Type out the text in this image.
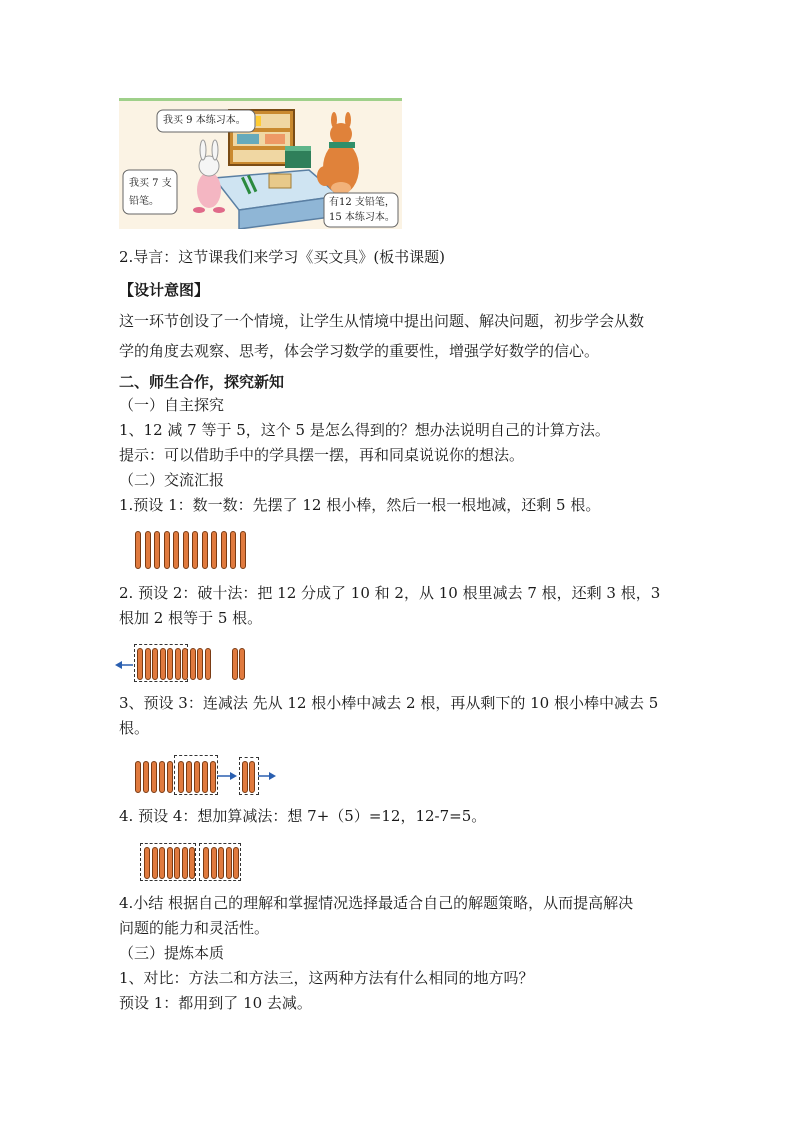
我买 9 本练习本。
我买 7 支
铅笔。	有12 支铅笔，
15 本练习本。
2.导言：这节课我们来学习《买文具》(板书课题)
【设计意图】
这一环节创设了一个情境，让学生从情境中提出问题、解决问题，初步学会从数
学的角度去观察、思考，体会学习数学的重要性，增强学好数学的信心。
二、师生合作，探究新知
（一）自主探究
1、12 减 7 等于 5，这个 5 是怎么得到的？想办法说明自己的计算方法。
提示：可以借助手中的学具摆一摆，再和同桌说说你的想法。
（二）交流汇报
1.预设 1：数一数：先摆了 12 根小棒，然后一根一根地减，还剩 5 根。
2. 预设 2：破十法：把 12 分成了 10 和 2，从 10 根里减去 7 根，还剩 3 根，3
根加 2 根等于 5 根。
3、预设 3：连减法 先从 12 根小棒中减去 2 根，再从剩下的 10 根小棒中减去 5
根。
4. 预设 4：想加算减法：想 7+（5）=12，12-7=5。
4.小结 根据自己的理解和掌握情况选择最适合自己的解题策略，从而提高解决
问题的能力和灵活性。
（三）提炼本质
1、对比：方法二和方法三，这两种方法有什么相同的地方吗？
预设 1：都用到了 10 去减。
